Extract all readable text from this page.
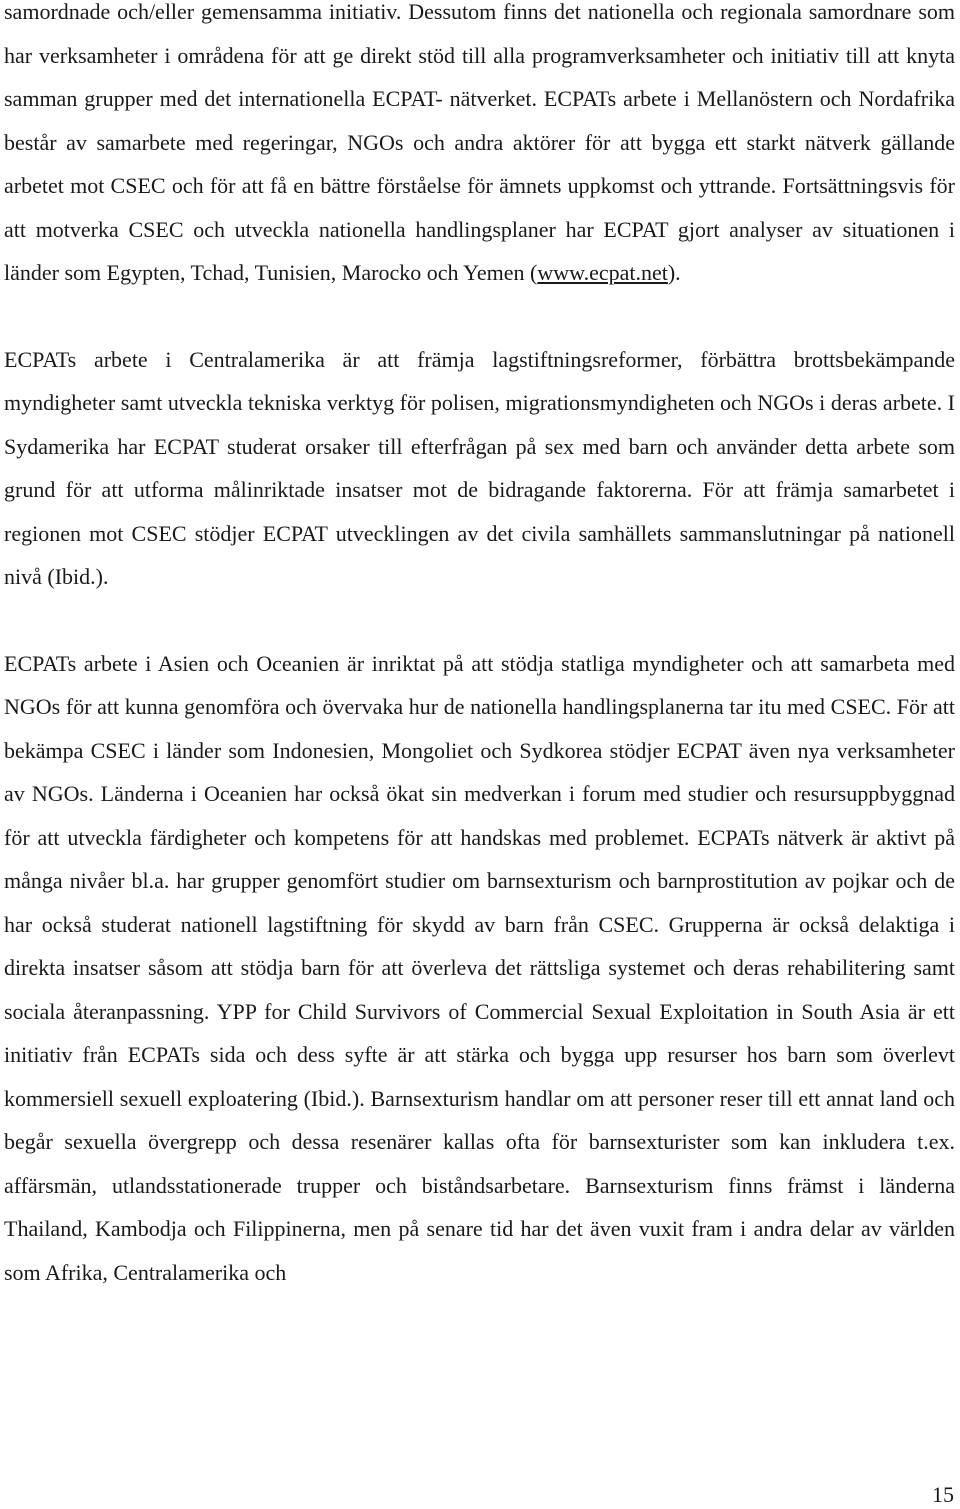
samordnade och/eller gemensamma initiativ. Dessutom finns det nationella och regionala samordnare som har verksamheter i områdena för att ge direkt stöd till alla programverksamheter och initiativ till att knyta samman grupper med det internationella ECPAT- nätverket. ECPATs arbete i Mellanöstern och Nordafrika består av samarbete med regeringar, NGOs och andra aktörer för att bygga ett starkt nätverk gällande arbetet mot CSEC och för att få en bättre förståelse för ämnets uppkomst och yttrande. Fortsättningsvis för att motverka CSEC och utveckla nationella handlingsplaner har ECPAT gjort analyser av situationen i länder som Egypten, Tchad, Tunisien, Marocko och Yemen (www.ecpat.net).

ECPATs arbete i Centralamerika är att främja lagstiftningsreformer, förbättra brottsbekämpande myndigheter samt utveckla tekniska verktyg för polisen, migrationsmyndigheten och NGOs i deras arbete. I Sydamerika har ECPAT studerat orsaker till efterfrågan på sex med barn och använder detta arbete som grund för att utforma målinriktade insatser mot de bidragande faktorerna. För att främja samarbetet i regionen mot CSEC stödjer ECPAT utvecklingen av det civila samhällets sammanslutningar på nationell nivå (Ibid.).

ECPATs arbete i Asien och Oceanien är inriktat på att stödja statliga myndigheter och att samarbeta med NGOs för att kunna genomföra och övervaka hur de nationella handlingsplanerna tar itu med CSEC. För att bekämpa CSEC i länder som Indonesien, Mongoliet och Sydkorea stödjer ECPAT även nya verksamheter av NGOs. Länderna i Oceanien har också ökat sin medverkan i forum med studier och resursuppbyggnad för att utveckla färdigheter och kompetens för att handskas med problemet. ECPATs nätverk är aktivt på många nivåer bl.a. har grupper genomfört studier om barnsexturism och barnprostitution av pojkar och de har också studerat nationell lagstiftning för skydd av barn från CSEC. Grupperna är också delaktiga i direkta insatser såsom att stödja barn för att överleva det rättsliga systemet och deras rehabilitering samt sociala återanpassning. YPP for Child Survivors of Commercial Sexual Exploitation in South Asia är ett initiativ från ECPATs sida och dess syfte är att stärka och bygga upp resurser hos barn som överlevt kommersiell sexuell exploatering (Ibid.). Barnsexturism handlar om att personer reser till ett annat land och begår sexuella övergrepp och dessa resenärer kallas ofta för barnsexturister som kan inkludera t.ex. affärsmän, utlandsstationerade trupper och biståndsarbetare. Barnsexturism finns främst i länderna Thailand, Kambodja och Filippinerna, men på senare tid har det även vuxit fram i andra delar av världen som Afrika, Centralamerika och

15
